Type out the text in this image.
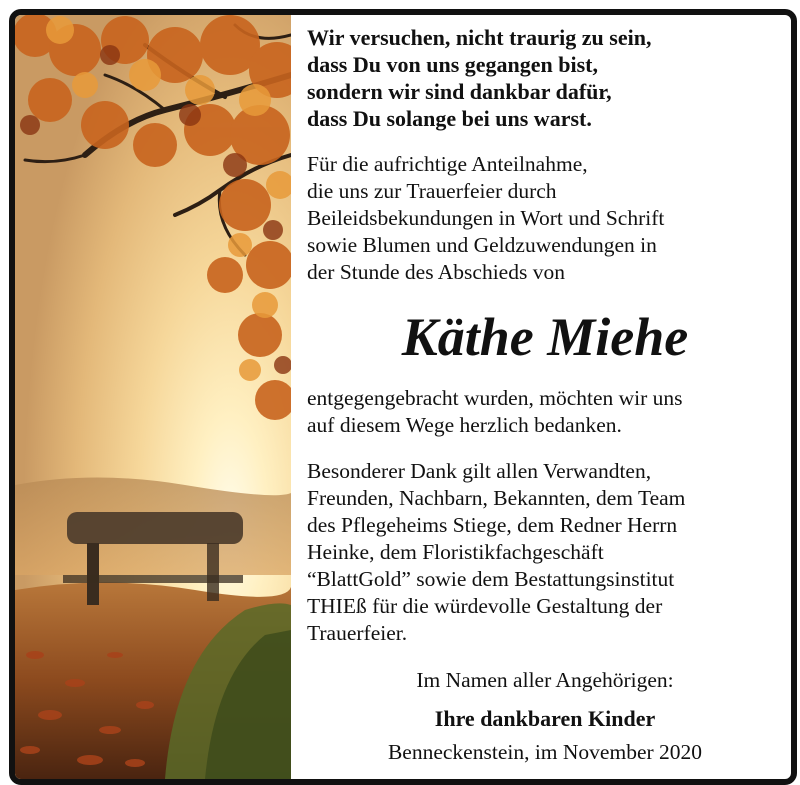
Wir versuchen, nicht traurig zu sein,
dass Du von uns gegangen bist,
sondern wir sind dankbar dafür,
dass Du solange bei uns warst.
Für die aufrichtige Anteilnahme,
die uns zur Trauerfeier durch
Beileidsbekundungen in Wort und Schrift
sowie Blumen und Geldzuwendungen in
der Stunde des Abschieds von
Käthe Miehe
entgegengebracht wurden, möchten wir uns
auf diesem Wege herzlich bedanken.
Besonderer Dank gilt allen Verwandten,
Freunden, Nachbarn, Bekannten, dem Team
des Pflegeheims Stiege, dem Redner Herrn
Heinke, dem Floristikfachgeschäft
“BlattGold” sowie dem Bestattungsinstitut
THIEß für die würdevolle Gestaltung der
Trauerfeier.
Im Namen aller Angehörigen:
Ihre dankbaren Kinder
Benneckenstein, im November 2020
